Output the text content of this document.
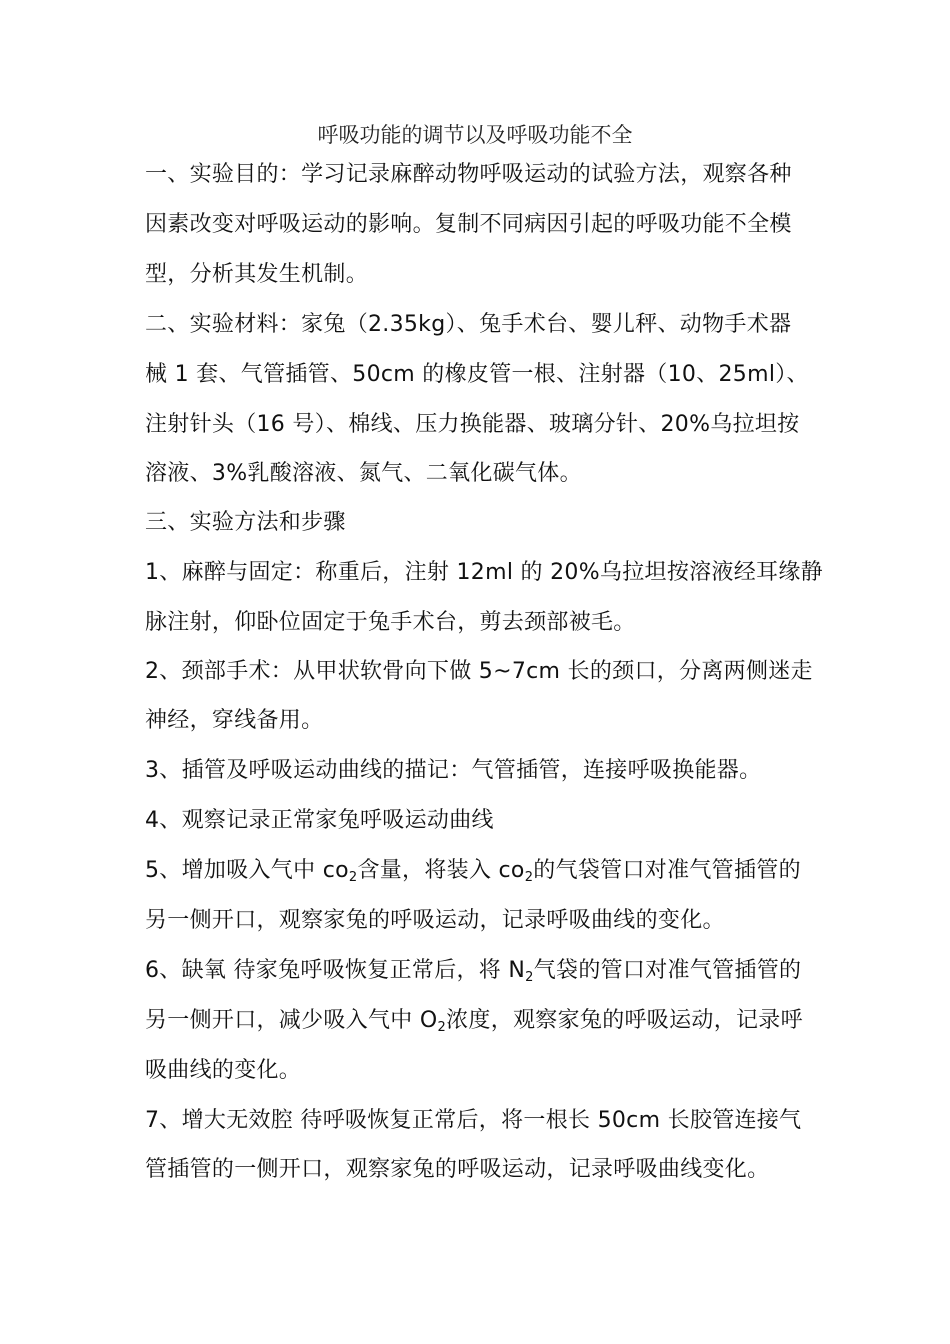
呼吸功能的调节以及呼吸功能不全
一、实验目的：学习记录麻醉动物呼吸运动的试验方法，观察各种
因素改变对呼吸运动的影响。复制不同病因引起的呼吸功能不全模
型，分析其发生机制。
二、实验材料：家兔（2.35kg）、兔手术台、婴儿秤、动物手术器
械 1 套、气管插管、50cm 的橡皮管一根、注射器（10、25ml）、
注射针头（16 号）、棉线、压力换能器、玻璃分针、20%乌拉坦按
溶液、3%乳酸溶液、氮气、二氧化碳气体。
三、实验方法和步骤
1、麻醉与固定：称重后，注射 12ml 的 20%乌拉坦按溶液经耳缘静
脉注射，仰卧位固定于兔手术台，剪去颈部被毛。
2、颈部手术：从甲状软骨向下做 5~7cm 长的颈口，分离两侧迷走
神经，穿线备用。
3、插管及呼吸运动曲线的描记：气管插管，连接呼吸换能器。
4、观察记录正常家兔呼吸运动曲线
5、增加吸入气中 $co_2$含量，将装入 $co_2$的气袋管口对准气管插管的
另一侧开口，观察家兔的呼吸运动，记录呼吸曲线的变化。
6、缺氧 待家兔呼吸恢复正常后，将 $N_2$气袋的管口对准气管插管的
另一侧开口，减少吸入气中 $O_2$浓度，观察家兔的呼吸运动，记录呼
吸曲线的变化。
7、增大无效腔 待呼吸恢复正常后，将一根长 50cm 长胶管连接气
管插管的一侧开口，观察家兔的呼吸运动，记录呼吸曲线变化。
